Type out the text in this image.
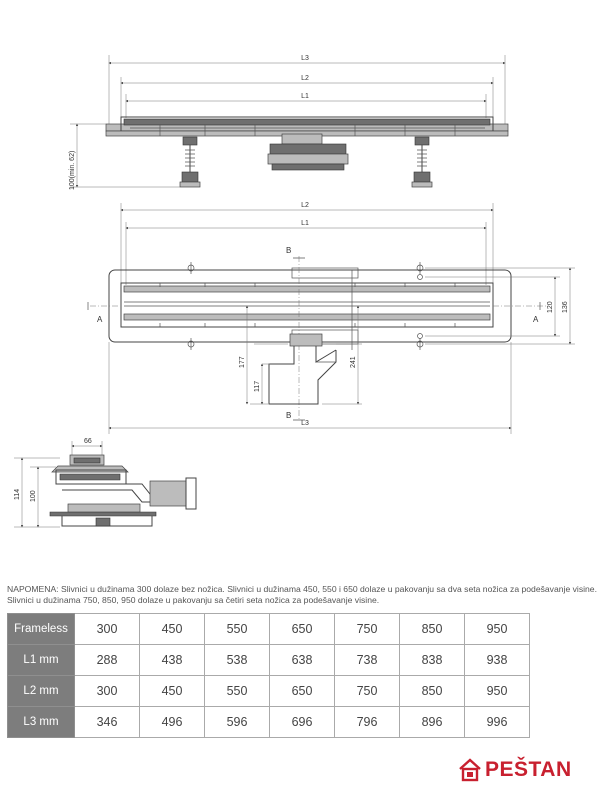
L3
L2
L1
100(min. 62)
L2
L1
120 136
A	A
B
B
177
117
241
L3
66
114 100
NAPOMENA: Slivnici u dužinama 300 dolaze bez nožica. Slivnici u dužinama 450, 550 i 650 dolaze u pakovanju sa dva seta nožica za podešavanje visine. Slivnici u dužinama 750, 850, 950 dolaze u pakovanju sa četiri seta nožica za podešavanje visine.
Frameless	300	450	550	650	750	850	950
L1 mm	288	438	538	638	738	838	938
L2 mm	300	450	550	650	750	850	950
L3 mm	346	496	596	696	796	896	996
PEŠTAN
